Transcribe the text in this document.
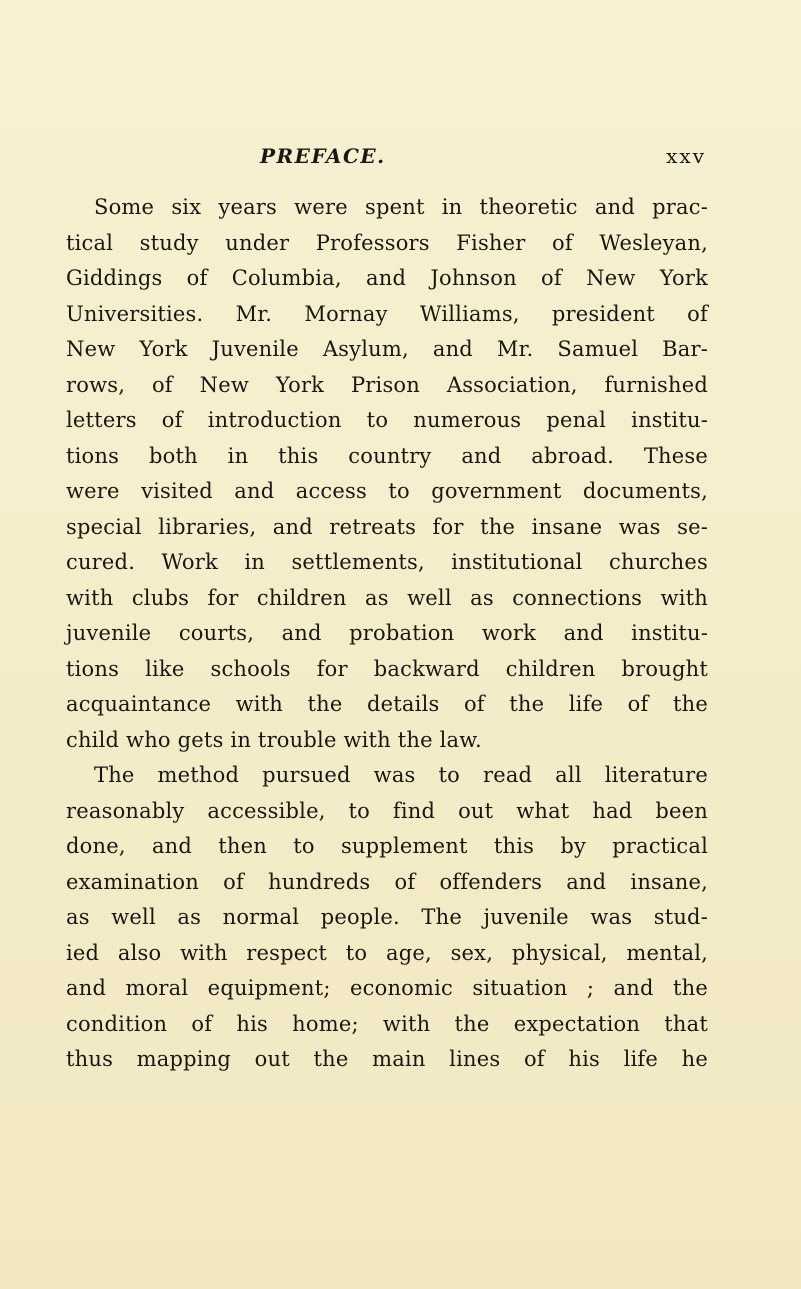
PREFACE.	xxv
Some six years were spent in theoretic and prac-
tical study under Professors Fisher of Wesleyan,
Giddings of Columbia, and Johnson of New York
Universities. Mr. Mornay Williams, president of
New York Juvenile Asylum, and Mr. Samuel Bar-
rows, of New York Prison Association, furnished
letters of introduction to numerous penal institu-
tions both in this country and abroad. These
were visited and access to government documents,
special libraries, and retreats for the insane was se-
cured. Work in settlements, institutional churches
with clubs for children as well as connections with
juvenile courts, and probation work and institu-
tions like schools for backward children brought
acquaintance with the details of the life of the
child who gets in trouble with the law.
The method pursued was to read all literature
reasonably accessible, to find out what had been
done, and then to supplement this by practical
examination of hundreds of offenders and insane,
as well as normal people. The juvenile was stud-
ied also with respect to age, sex, physical, mental,
and moral equipment; economic situation ; and the
condition of his home; with the expectation that
thus mapping out the main lines of his life he
